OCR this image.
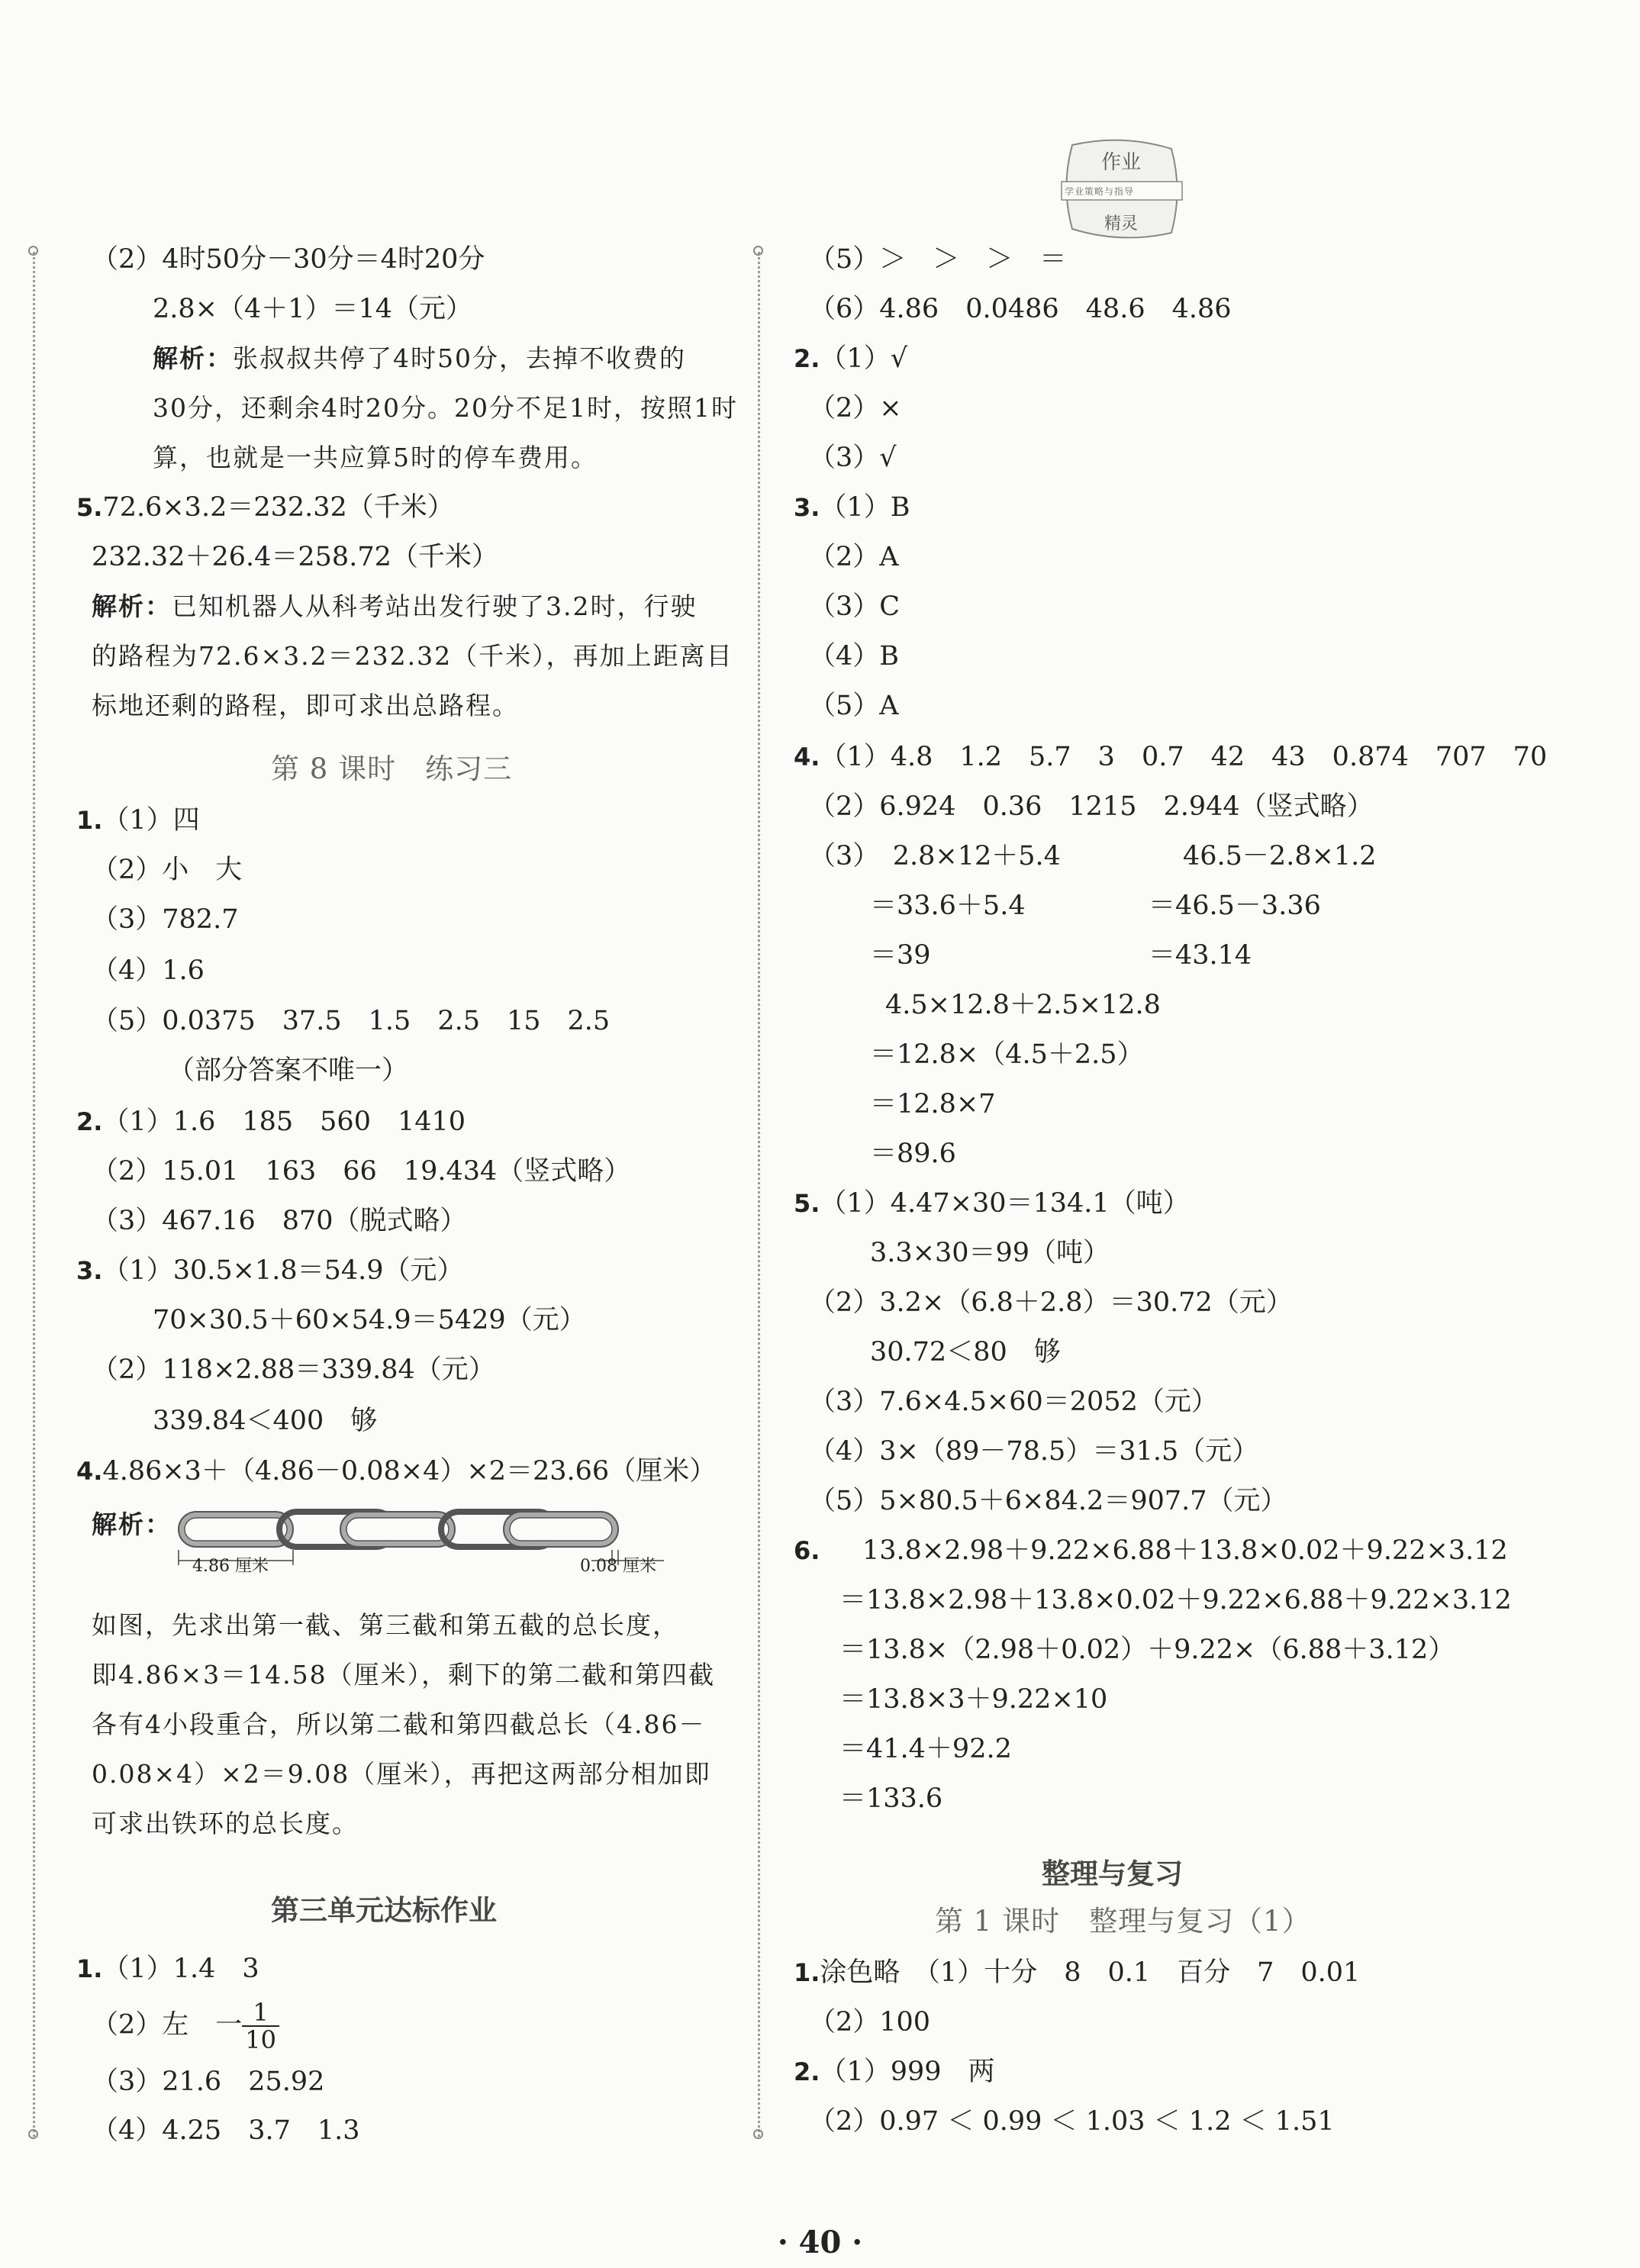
作业
学业策略与指导
精灵
（2）4时50分－30分＝4时20分
2.8×（4＋1）＝14（元）
解析：张叔叔共停了4时50分，去掉不收费的
30分，还剩余4时20分。20分不足1时，按照1时
算，也就是一共应算5时的停车费用。
5.72.6×3.2＝232.32（千米）
232.32＋26.4＝258.72（千米）
解析：已知机器人从科考站出发行驶了3.2时，行驶
的路程为72.6×3.2＝232.32（千米），再加上距离目
标地还剩的路程，即可求出总路程。
第 8 课时　练习三
1.（1）四
（2）小　大
（3）782.7
（4）1.6
（5）0.0375　37.5　1.5　2.5　15　2.5
（部分答案不唯一）
2.（1）1.6　185　560　1410
（2）15.01　163　66　19.434（竖式略）
（3）467.16　870（脱式略）
3.（1）30.5×1.8＝54.9（元）
70×30.5＋60×54.9＝5429（元）
（2）118×2.88＝339.84（元）
339.84＜400　够
4.4.86×3＋（4.86－0.08×4）×2＝23.66（厘米）
解析：
4.86 厘米	0.08 厘米
如图，先求出第一截、第三截和第五截的总长度，
即4.86×3＝14.58（厘米），剩下的第二截和第四截
各有4小段重合，所以第二截和第四截总长（4.86－
0.08×4）×2＝9.08（厘米），再把这两部分相加即
可求出铁环的总长度。
第三单元达标作业
1.（1）1.4　3
（2）左　一 $\frac{1}{10}$
（3）21.6　25.92
（4）4.25　3.7　1.3
（5）＞　＞　＞　＝
（6）4.86　0.0486　48.6　4.86
2.（1）√
（2）×
（3）√
3.（1）B
（2）A
（3）C
（4）B
（5）A
4.（1）4.8　1.2　5.7　3　0.7　42　43　0.874　707　70
（2）6.924　0.36　1215　2.944（竖式略）
（3）　2.8×12＋5.4	46.5－2.8×1.2
＝33.6＋5.4	＝46.5－3.36
＝39	＝43.14
4.5×12.8＋2.5×12.8
＝12.8×（4.5＋2.5）
＝12.8×7
＝89.6
5.（1）4.47×30＝134.1（吨）
3.3×30＝99（吨）
（2）3.2×（6.8＋2.8）＝30.72（元）
30.72＜80　够
（3）7.6×4.5×60＝2052（元）
（4）3×（89－78.5）＝31.5（元）
（5）5×80.5＋6×84.2＝907.7（元）
6. 13.8×2.98＋9.22×6.88＋13.8×0.02＋9.22×3.12
＝13.8×2.98＋13.8×0.02＋9.22×6.88＋9.22×3.12
＝13.8×（2.98＋0.02）＋9.22×（6.88＋3.12）
＝13.8×3＋9.22×10
＝41.4＋92.2
＝133.6
整理与复习
第 1 课时　整理与复习（1）
1.涂色略　（1）十分　8　0.1　百分　7　0.01
（2）100
2.（1）999　两
（2）0.97 ＜ 0.99 ＜ 1.03 ＜ 1.2 ＜ 1.51
· 40 ·
